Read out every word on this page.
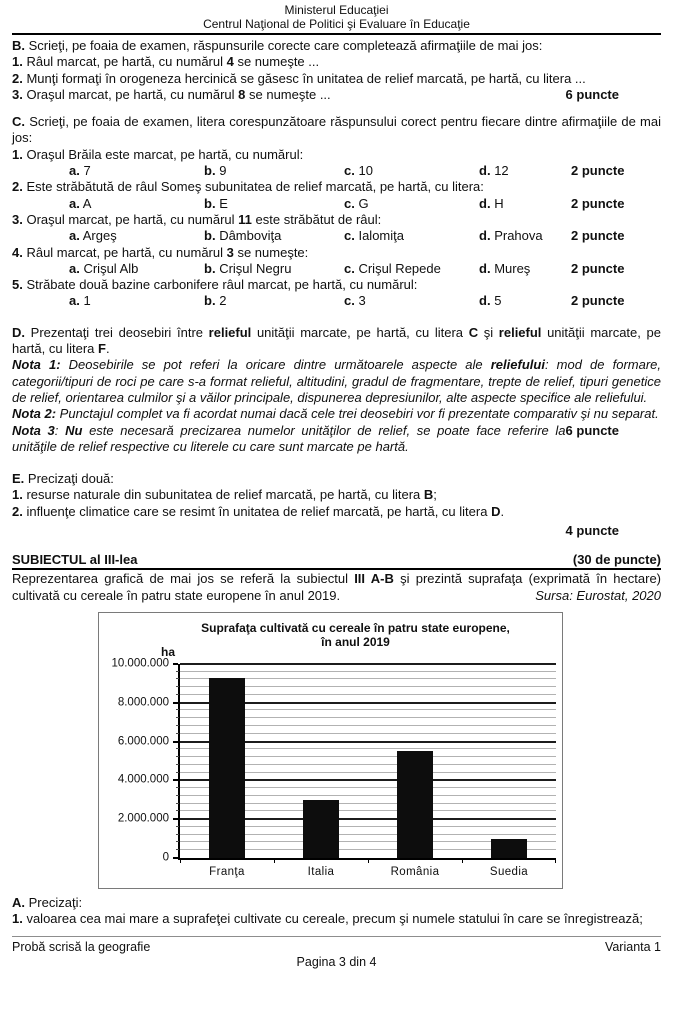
Ministerul Educaţiei
Centrul Naţional de Politici şi Evaluare în Educaţie

B. Scrieţi, pe foaia de examen, răspunsurile corecte care completează afirmaţiile de mai jos:

1. Râul marcat, pe hartă, cu numărul 4 se numeşte ...

2. Munţi formaţi în orogeneza hercinică se găsesc în unitatea de relief marcată, pe hartă, cu litera ...

6 puncte
3. Oraşul marcat, pe hartă, cu numărul 8 se numeşte ...

C. Scrieţi, pe foaia de examen, litera corespunzătoare răspunsului corect pentru fiecare dintre afirmaţiile de mai jos:

1. Oraşul Brăila este marcat, pe hartă, cu numărul:

a. 7	b. 9	c. 10	d. 12	2 puncte

2. Este străbătută de râul Someş subunitatea de relief marcată, pe hartă, cu litera:

a. A	b. E	c. G	d. H	2 puncte

3. Oraşul marcat, pe hartă, cu numărul 11 este străbătut de râul:

a. Argeş	b. Dâmboviţa	c. Ialomiţa	d. Prahova	2 puncte

4. Râul marcat, pe hartă, cu numărul 3 se numeşte:

a. Crişul Alb	b. Crişul Negru	c. Crişul Repede	d. Mureş	2 puncte

5. Străbate două bazine carbonifere râul marcat, pe hartă, cu numărul:

a. 1	b. 2	c. 3	d. 5	2 puncte

D. Prezentaţi trei deosebiri între relieful unităţii marcate, pe hartă, cu litera C şi relieful unităţii marcate, pe hartă, cu litera F.

Nota 1: Deosebirile se pot referi la oricare dintre următoarele aspecte ale reliefului: mod de formare, categorii/tipuri de roci pe care s-a format relieful, altitudini, gradul de fragmentare, trepte de relief, tipuri genetice de relief, orientarea culmilor şi a văilor principale, dispunerea depresiunilor, alte aspecte specifice ale reliefului.

Nota 2: Punctajul complet va fi acordat numai dacă cele trei deosebiri vor fi prezentate comparativ şi nu separat.

6 puncte
Nota 3: Nu este necesară precizarea numelor unităţilor de relief, se poate face referire la unităţile de relief respective cu literele cu care sunt marcate pe hartă.

E. Precizaţi două:

1. resurse naturale din subunitatea de relief marcată, pe hartă, cu litera B;

2. influenţe climatice care se resimt în unitatea de relief marcată, pe hartă, cu litera D.

4 puncte
SUBIECTUL al III-lea	(30 de puncte)

Reprezentarea grafică de mai jos se referă la subiectul III A-B şi prezintă suprafaţa (exprimată în hectare) cultivată cu cereale în patru state europene în anul 2019.	Sursa: Eurostat, 2020

Suprafaţa cultivată cu cereale în patru state europene,
în anul 2019
ha
0
2.000.000
4.000.000
6.000.000
8.000.000
10.000.000
Franţa	Italia	România	Suedia

A. Precizaţi:

1. valoarea cea mai mare a suprafeţei cultivate cu cereale, precum şi numele statului în care se înregistrează;

Probă scrisă la geografie	Varianta 1
Pagina 3 din 4
